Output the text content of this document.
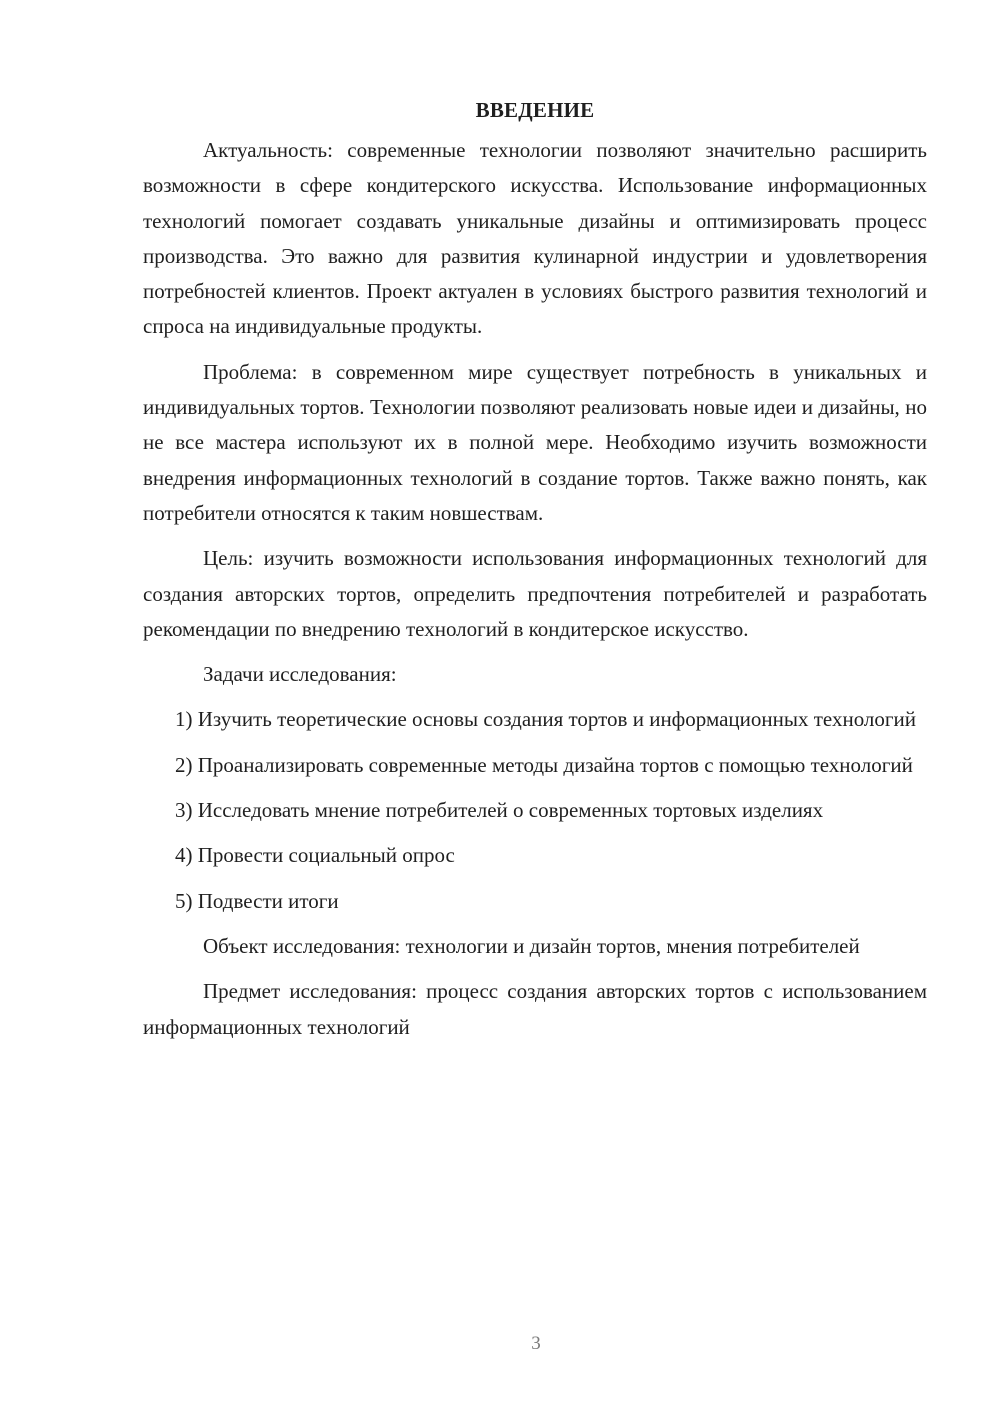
ВВЕДЕНИЕ

Актуальность: современные технологии позволяют значительно расширить возможности в сфере кондитерского искусства. Использование информационных технологий помогает создавать уникальные дизайны и оптимизировать процесс производства. Это важно для развития кулинарной индустрии и удовлетворения потребностей клиентов. Проект актуален в условиях быстрого развития технологий и спроса на индивидуальные продукты.

Проблема: в современном мире существует потребность в уникальных и индивидуальных тортов. Технологии позволяют реализовать новые идеи и дизайны, но не все мастера используют их в полной мере. Необходимо изучить возможности внедрения информационных технологий в создание тортов. Также важно понять, как потребители относятся к таким новшествам.

Цель: изучить возможности использования информационных технологий для создания авторских тортов, определить предпочтения потребителей и разработать рекомендации по внедрению технологий в кондитерское искусство.

Задачи исследования:

1) Изучить теоретические основы создания тортов и информационных технологий

2) Проанализировать современные методы дизайна тортов с помощью технологий

3) Исследовать мнение потребителей о современных тортовых изделиях

4) Провести социальный опрос

5) Подвести итоги

Объект исследования: технологии и дизайн тортов, мнения потребителей

Предмет исследования: процесс создания авторских тортов с использованием информационных технологий

3
